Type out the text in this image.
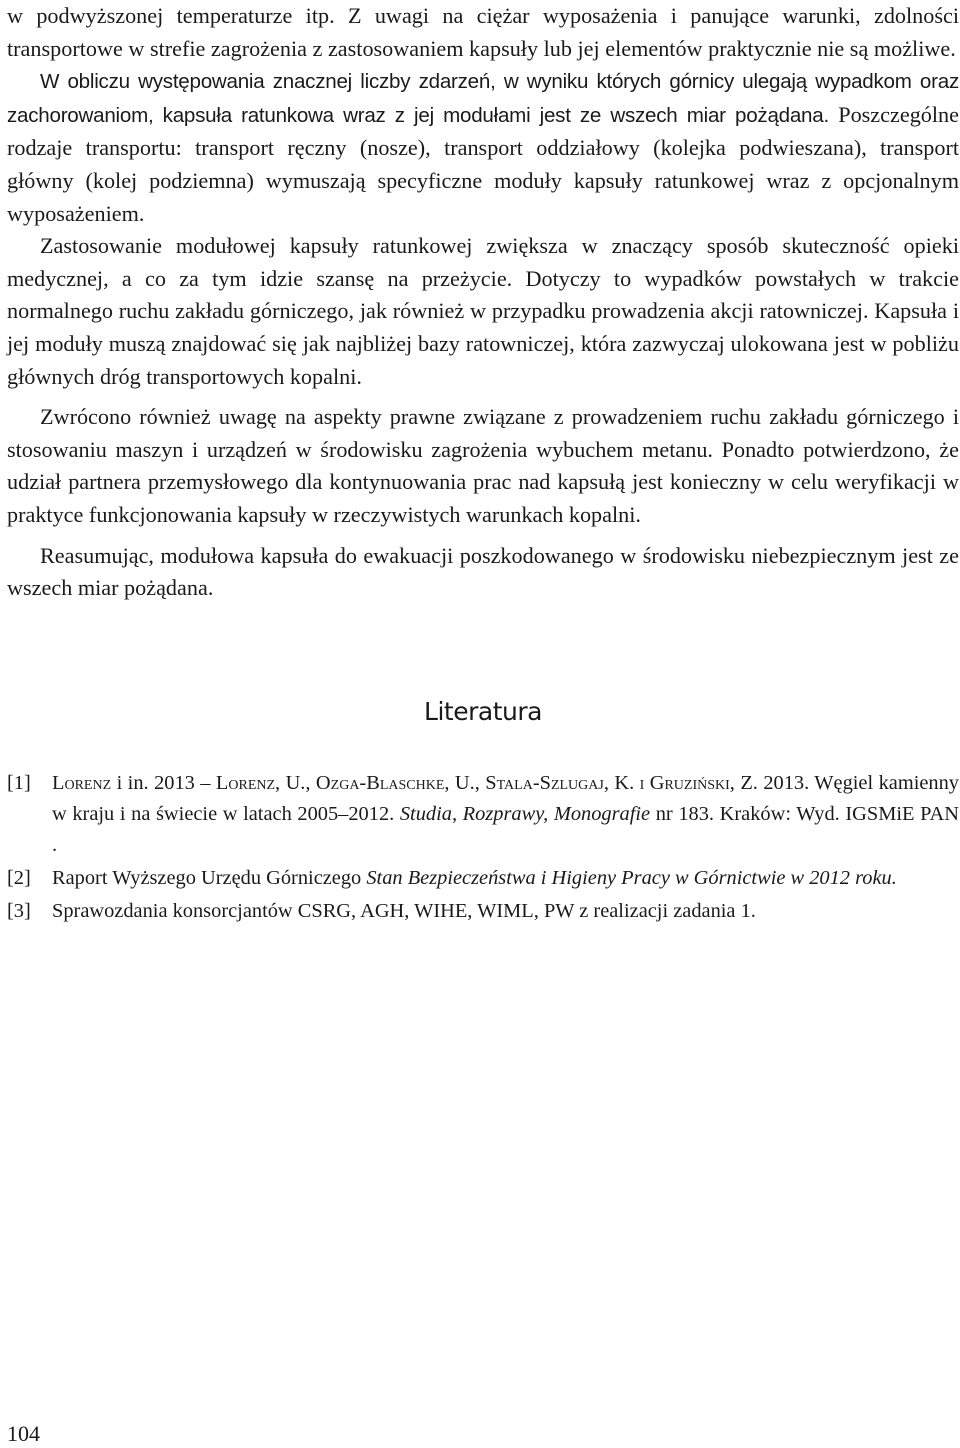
w podwyższonej temperaturze itp. Z uwagi na ciężar wyposażenia i panujące warunki, zdolności transportowe w strefie zagrożenia z zastosowaniem kapsuły lub jej elementów praktycznie nie są możliwe.

W obliczu występowania znacznej liczby zdarzeń, w wyniku których górnicy ulegają wypadkom oraz zachorowaniom, kapsuła ratunkowa wraz z jej modułami jest ze wszech miar pożądana. Poszczególne rodzaje transportu: transport ręczny (nosze), transport oddziałowy (kolejka podwieszana), transport główny (kolej podziemna) wymuszają specyficzne moduły kapsuły ratunkowej wraz z opcjonalnym wyposażeniem.

Zastosowanie modułowej kapsuły ratunkowej zwiększa w znaczący sposób skuteczność opieki medycznej, a co za tym idzie szansę na przeżycie. Dotyczy to wypadków powstałych w trakcie normalnego ruchu zakładu górniczego, jak również w przypadku prowadzenia akcji ratowniczej. Kapsuła i jej moduły muszą znajdować się jak najbliżej bazy ratowniczej, która zazwyczaj ulokowana jest w pobliżu głównych dróg transportowych kopalni.

Zwrócono również uwagę na aspekty prawne związane z prowadzeniem ruchu zakładu górniczego i stosowaniu maszyn i urządzeń w środowisku zagrożenia wybuchem metanu. Ponadto potwierdzono, że udział partnera przemysłowego dla kontynuowania prac nad kapsułą jest konieczny w celu weryfikacji w praktyce funkcjonowania kapsuły w rzeczywistych warunkach kopalni.

Reasumując, modułowa kapsuła do ewakuacji poszkodowanego w środowisku niebezpiecznym jest ze wszech miar pożądana.

Literatura
[1] Lorenz i in. 2013 – Lorenz, U., Ozga-Blaschke, U., Stala-Szlugaj, K. i Gruziński, Z. 2013. Węgiel kamienny w kraju i na świecie w latach 2005–2012. Studia, Rozprawy, Monografie nr 183. Kraków: Wyd. IGSMiE PAN .
[2] Raport Wyższego Urzędu Górniczego Stan Bezpieczeństwa i Higieny Pracy w Górnictwie w 2012 roku.
[3] Sprawozdania konsorcjantów CSRG, AGH, WIHE, WIML, PW z realizacji zadania 1.
104
